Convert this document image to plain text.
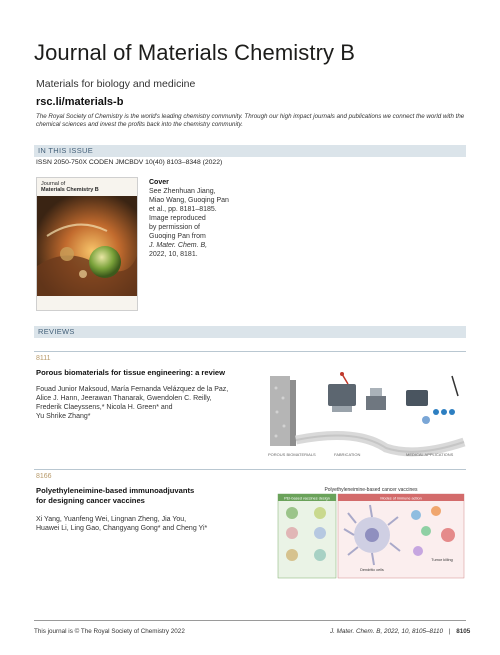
Journal of Materials Chemistry B
Materials for biology and medicine
rsc.li/materials-b
The Royal Society of Chemistry is the world's leading chemistry community. Through our high impact journals and publications we connect the world with the chemical sciences and invest the profits back into the chemistry community.
IN THIS ISSUE
ISSN 2050-750X CODEN JMCBDV 10(40) 8103–8348 (2022)
Journal of
Materials Chemistry B
Cover
See Zhenhuan Jiang,
Miao Wang, Guoqing Pan
et al., pp. 8181–8185.
Image reproduced
by permission of
Guoqing Pan from
J. Mater. Chem. B,
2022, 10, 8181.
REVIEWS
8111
Porous biomaterials for tissue engineering: a review
Fouad Junior Maksoud, María Fernanda Velázquez de la Paz,
Alice J. Hann, Jeerawan Thanarak, Gwendolen C. Reilly,
Frederik Claeyssens,* Nicola H. Green* and
Yu Shrike Zhang*
POROUS BIOMATERIALS	FABRICATION	MEDICAL APPLICATIONS
8166
Polyethyleneimine-based immunoadjuvants
for designing cancer vaccines
Xi Yang, Yuanfeng Wei, Lingnan Zheng, Jia You,
Huawei Li, Ling Gao, Changyang Gong* and Cheng Yi*
Polyethyleneimine-based cancer vaccines
PEI-based vaccines design	Modes of immune action
Dendritic cells
Tumor killing
This journal is © The Royal Society of Chemistry 2022	J. Mater. Chem. B, 2022, 10, 8105–8110 | 8105
